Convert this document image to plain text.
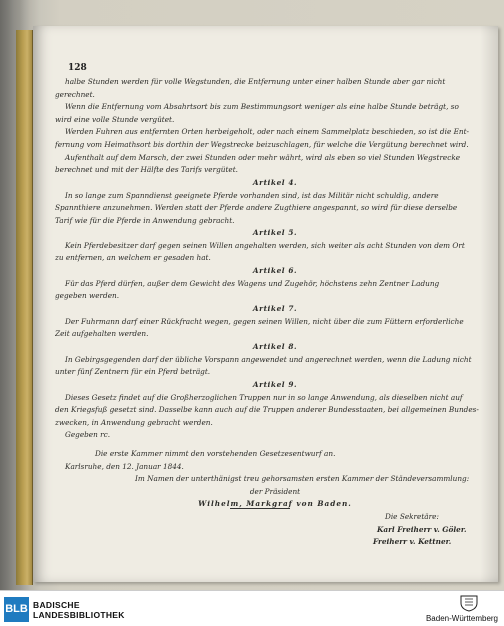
128
halbe Stunden werden für volle Wegstunden, die Entfernung unter einer halben Stunde aber gar nicht
gerechnet.
Wenn die Entfernung vom Absahrtsort bis zum Bestimmungsort weniger als eine halbe Stunde beträgt, so
wird eine volle Stunde vergütet.
Werden Fuhren aus entfernten Orten herbeigeholt, oder nach einem Sammelplatz beschieden, so ist die Ent-
fernung vom Heimathsort bis dorthin der Wegstrecke beizuschlagen, für welche die Vergütung berechnet wird.
Aufenthalt auf dem Marsch, der zwei Stunden oder mehr währt, wird als eben so viel Stunden Wegstrecke
berechnet und mit der Hälfte des Tarifs vergütet.
Artikel 4.
In so lange zum Spanndienst geeignete Pferde vorhanden sind, ist das Militär nicht schuldig, andere
Spannthiere anzunehmen. Werden statt der Pferde andere Zugthiere angespannt, so wird für diese derselbe
Tarif wie für die Pferde in Anwendung gebracht.
Artikel 5.
Kein Pferdebesitzer darf gegen seinen Willen angehalten werden, sich weiter als acht Stunden von dem Ort
zu entfernen, an welchem er gesaden hat.
Artikel 6.
Für das Pferd dürfen, außer dem Gewicht des Wagens und Zugehör, höchstens zehn Zentner Ladung
gegeben werden.
Artikel 7.
Der Fuhrmann darf einer Rückfracht wegen, gegen seinen Willen, nicht über die zum Füttern erforderliche
Zeit aufgehalten werden.
Artikel 8.
In Gebirgsgegenden darf der übliche Vorspann angewendet und angerechnet werden, wenn die Ladung nicht
unter fünf Zentnern für ein Pferd beträgt.
Artikel 9.
Dieses Gesetz findet auf die Großherzoglichen Truppen nur in so lange Anwendung, als dieselben nicht auf
den Kriegsfuß gesetzt sind. Dasselbe kann auch auf die Truppen anderer Bundesstaaten, bei allgemeinen Bundes-
zwecken, in Anwendung gebracht werden.
Gegeben rc.
Die erste Kammer nimmt den vorstehenden Gesetzesentwurf an.
Karlsruhe, den 12. Januar 1844.
Im Namen der unterthänigst treu gehorsamsten ersten Kammer der Ständeversammlung:
der Präsident
Wilhelm, Markgraf von Baden.
Die Sekretäre:
Karl Freiherr v. Göler.
Freiherr v. Kettner.
BLB BADISCHE
LANDESBIBLIOTHEK	Baden-Württemberg
